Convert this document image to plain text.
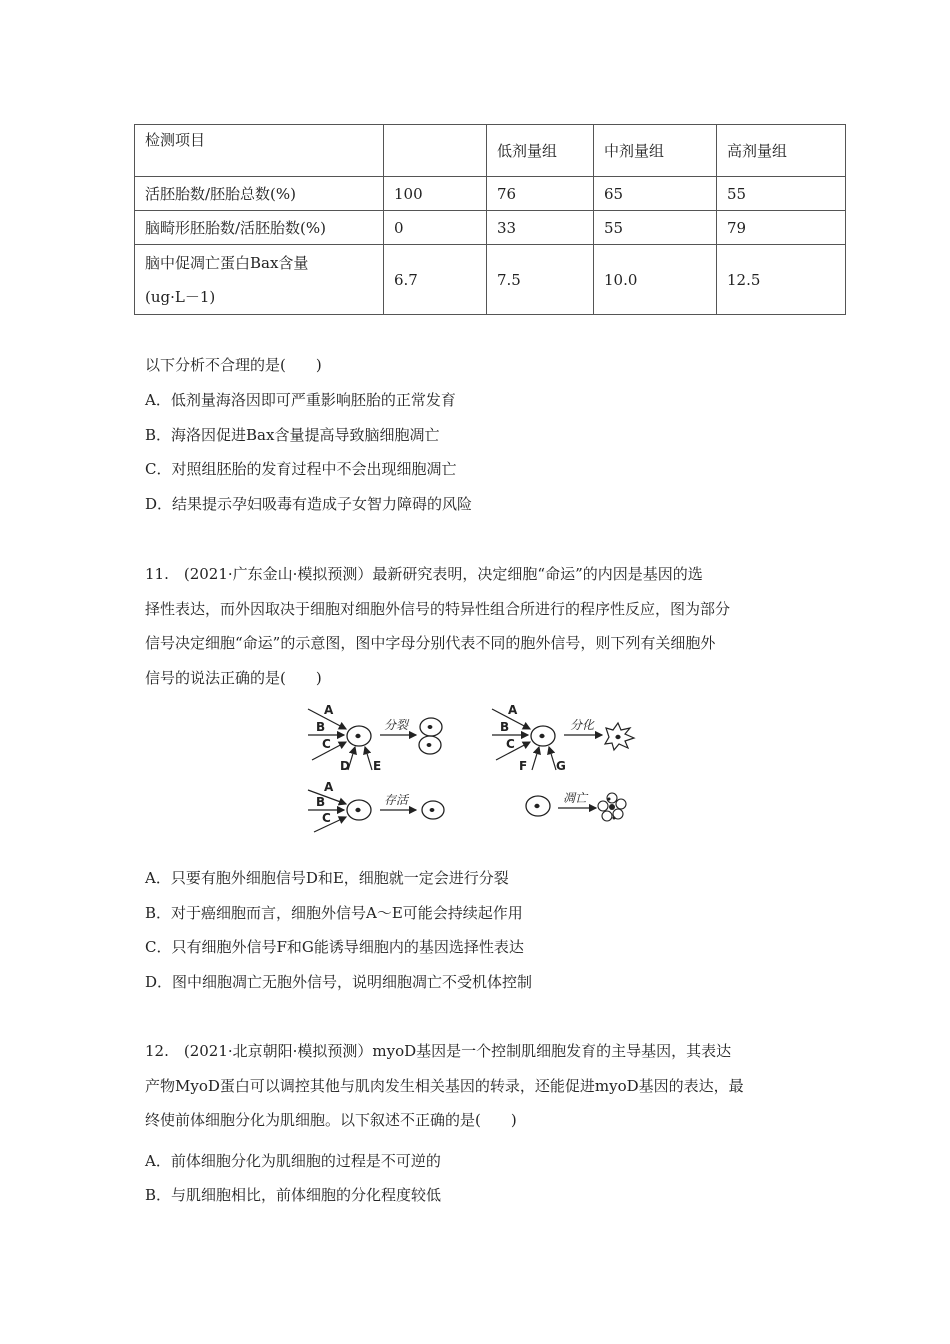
检测项目		低剂量组	中剂量组	高剂量组
活胚胎数/胚胎总数(%)	100	76	65	55
脑畸形胚胎数/活胚胎数(%)	0	33	55	79

脑中促凋亡蛋白Bax含量
(ug·L－1)	6.7	7.5	10.0	12.5
以下分析不合理的是(　　)
A．低剂量海洛因即可严重影响胚胎的正常发育
B．海洛因促进Bax含量提高导致脑细胞凋亡
C．对照组胚胎的发育过程中不会出现细胞凋亡
D．结果提示孕妇吸毒有造成子女智力障碍的风险
11.　(2021·广东金山·模拟预测）最新研究表明，决定细胞“命运”的内因是基因的选
择性表达，而外因取决于细胞对细胞外信号的特异性组合所进行的程序性反应，图为部分
信号决定细胞“命运”的示意图，图中字母分别代表不同的胞外信号，则下列有关细胞外
信号的说法正确的是(　　)
A
B
C
D E
分裂
A
B
C
F G
分化
A
B
C
存活	凋亡
A．只要有胞外细胞信号D和E，细胞就一定会进行分裂
B．对于癌细胞而言，细胞外信号A～E可能会持续起作用
C．只有细胞外信号F和G能诱导细胞内的基因选择性表达
D．图中细胞凋亡无胞外信号，说明细胞凋亡不受机体控制
12.　(2021·北京朝阳·模拟预测）myoD基因是一个控制肌细胞发育的主导基因，其表达
产物MyoD蛋白可以调控其他与肌肉发生相关基因的转录，还能促进myoD基因的表达，最
终使前体细胞分化为肌细胞。以下叙述不正确的是(　　)
A．前体细胞分化为肌细胞的过程是不可逆的
B．与肌细胞相比，前体细胞的分化程度较低
